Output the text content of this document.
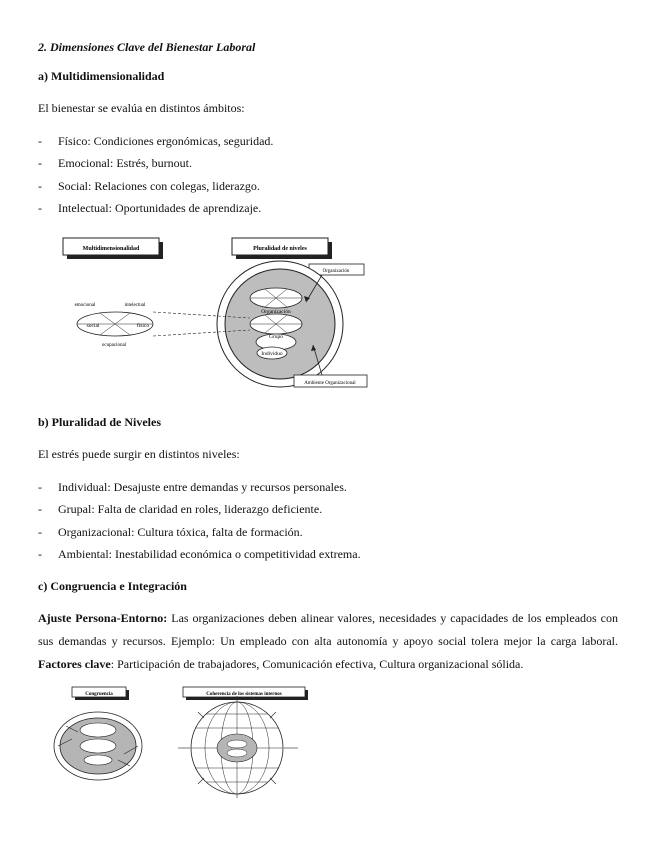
2. Dimensiones Clave del Bienestar Laboral
a) Multidimensionalidad
El bienestar se evalúa en distintos ámbitos:
- Físico: Condiciones ergonómicas, seguridad.
- Emocional: Estrés, burnout.
- Social: Relaciones con colegas, liderazgo.
- Intelectual: Oportunidades de aprendizaje.
Multidimensionalidad	Pluralidad de niveles
Organización
Organización
Grupo
Individuo
Ambiente Organizacional
emocional	intelectual
social	físico
ocupacional
b) Pluralidad de Niveles
El estrés puede surgir en distintos niveles:
- Individual: Desajuste entre demandas y recursos personales.
- Grupal: Falta de claridad en roles, liderazgo deficiente.
- Organizacional: Cultura tóxica, falta de formación.
- Ambiental: Inestabilidad económica o competitividad extrema.
c) Congruencia e Integración
Ajuste Persona-Entorno: Las organizaciones deben alinear valores, necesidades y capacidades de los empleados con sus demandas y recursos. Ejemplo: Un empleado con alta autonomía y apoyo social tolera mejor la carga laboral. Factores clave: Participación de trabajadores, Comunicación efectiva, Cultura organizacional sólida.
Congruencia	Coherencia de los sistemas internos
